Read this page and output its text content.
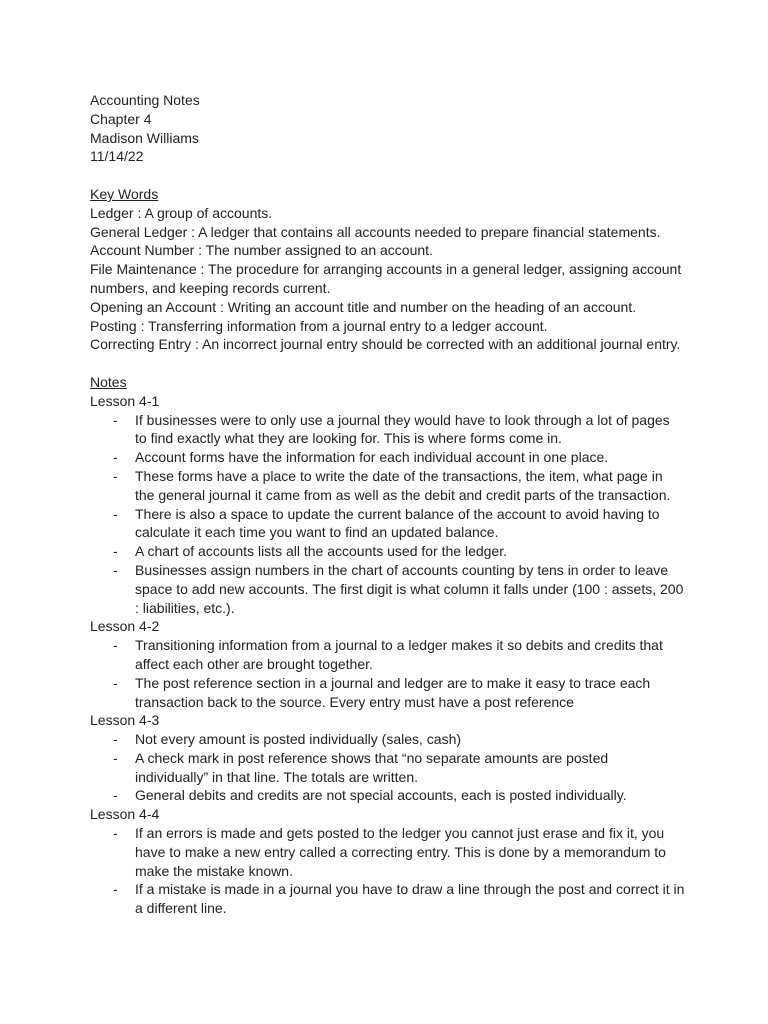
Accounting Notes
Chapter 4
Madison Williams
11/14/22
Key Words
Ledger : A group of accounts.
General Ledger : A ledger that contains all accounts needed to prepare financial statements.
Account Number : The number assigned to an account.
File Maintenance : The procedure for arranging accounts in a general ledger, assigning account
numbers, and keeping records current.
Opening an Account : Writing an account title and number on the heading of an account.
Posting : Transferring information from a journal entry to a ledger account.
Correcting Entry : An incorrect journal entry should be corrected with an additional journal entry.
Notes
Lesson 4-1
- If businesses were to only use a journal they would have to look through a lot of pages
to find exactly what they are looking for. This is where forms come in.
- Account forms have the information for each individual account in one place.
- These forms have a place to write the date of the transactions, the item, what page in
the general journal it came from as well as the debit and credit parts of the transaction.
- There is also a space to update the current balance of the account to avoid having to
calculate it each time you want to find an updated balance.
- A chart of accounts lists all the accounts used for the ledger.
- Businesses assign numbers in the chart of accounts counting by tens in order to leave
space to add new accounts. The first digit is what column it falls under (100 : assets, 200
: liabilities, etc.).
Lesson 4-2
- Transitioning information from a journal to a ledger makes it so debits and credits that
affect each other are brought together.
- The post reference section in a journal and ledger are to make it easy to trace each
transaction back to the source. Every entry must have a post reference
Lesson 4-3
- Not every amount is posted individually (sales, cash)
- A check mark in post reference shows that “no separate amounts are posted
individually” in that line. The totals are written.
- General debits and credits are not special accounts, each is posted individually.
Lesson 4-4
- If an errors is made and gets posted to the ledger you cannot just erase and fix it, you
have to make a new entry called a correcting entry. This is done by a memorandum to
make the mistake known.
- If a mistake is made in a journal you have to draw a line through the post and correct it in
a different line.
